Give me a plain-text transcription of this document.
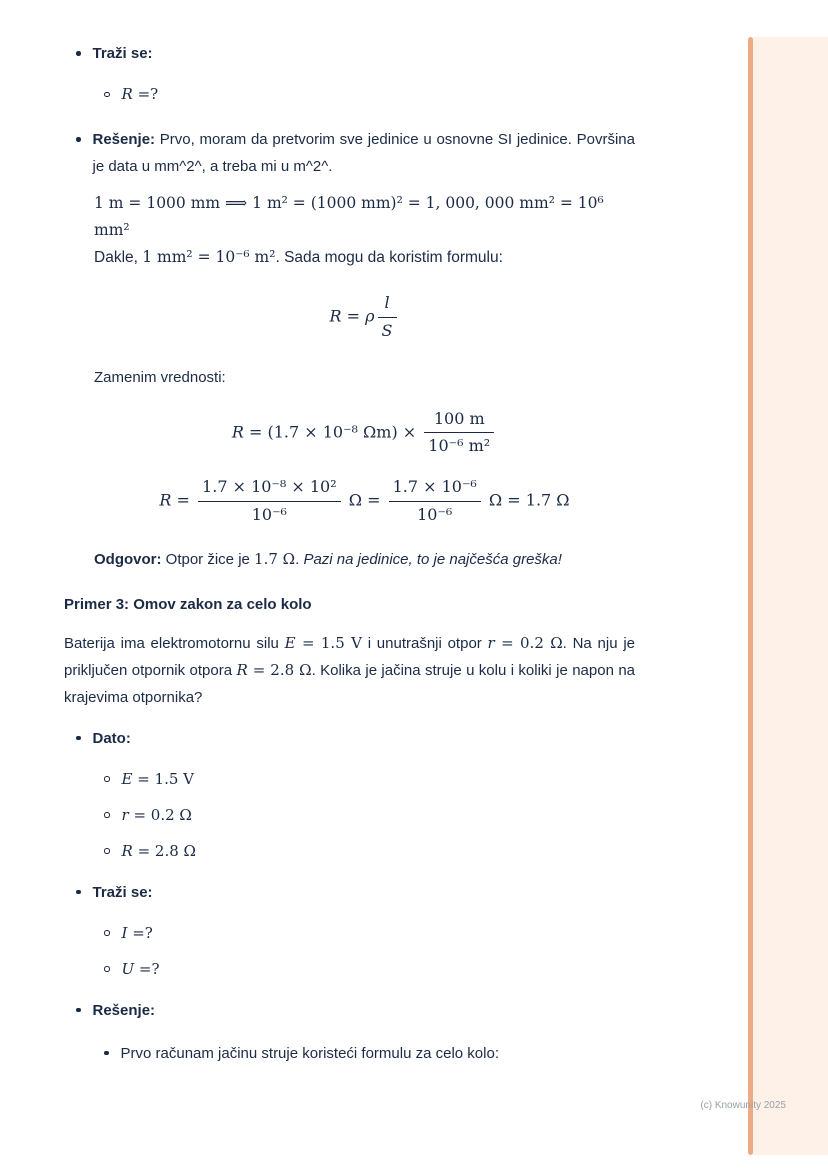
Traži se:
R =?
Rešenje: Prvo, moram da pretvorim sve jedinice u osnovne SI jedinice. Površina je data u mm^2^, a treba mi u m^2^.
1 m = 1000 mm ⟹ 1 m² = (1000 mm)² = 1, 000, 000 mm² = 10⁶ mm²
Dakle, 1 mm² = 10⁻⁶ m². Sada mogu da koristim formulu:
R = ρ $\frac{l}{S}$
Zamenim vrednosti:
R = (1.7 × 10⁻⁸ $\Omega m) \times \frac{100 m}{\text{10⁻⁶ m²}}$
$R = \frac{\text{1.7 × 10⁻⁸ × 10²}}{\text{10⁻⁶}}$ $\Omega = \frac{\text{1.7 × 10⁻⁶}}{\text{10⁻⁶}}$ Ω = 1.7 Ω
Odgovor: Otpor žice je 1.7 Ω. Pazi na jedinice, to je najčešća greška!
Primer 3: Omov zakon za celo kolo
Baterija ima elektromotornu silu E = 1.5 V i unutrašnji otpor r = 0.2 Ω. Na nju je priključen otpornik otpora R = 2.8 Ω. Kolika je jačina struje u kolu i koliki je napon na krajevima otpornika?
Dato:
E = 1.5 V
r = 0.2 Ω
R = 2.8 Ω
Traži se:
I =?
U =?
Rešenje:
Prvo računam jačinu struje koristeći formulu za celo kolo:
(c) Knowunity 2025
